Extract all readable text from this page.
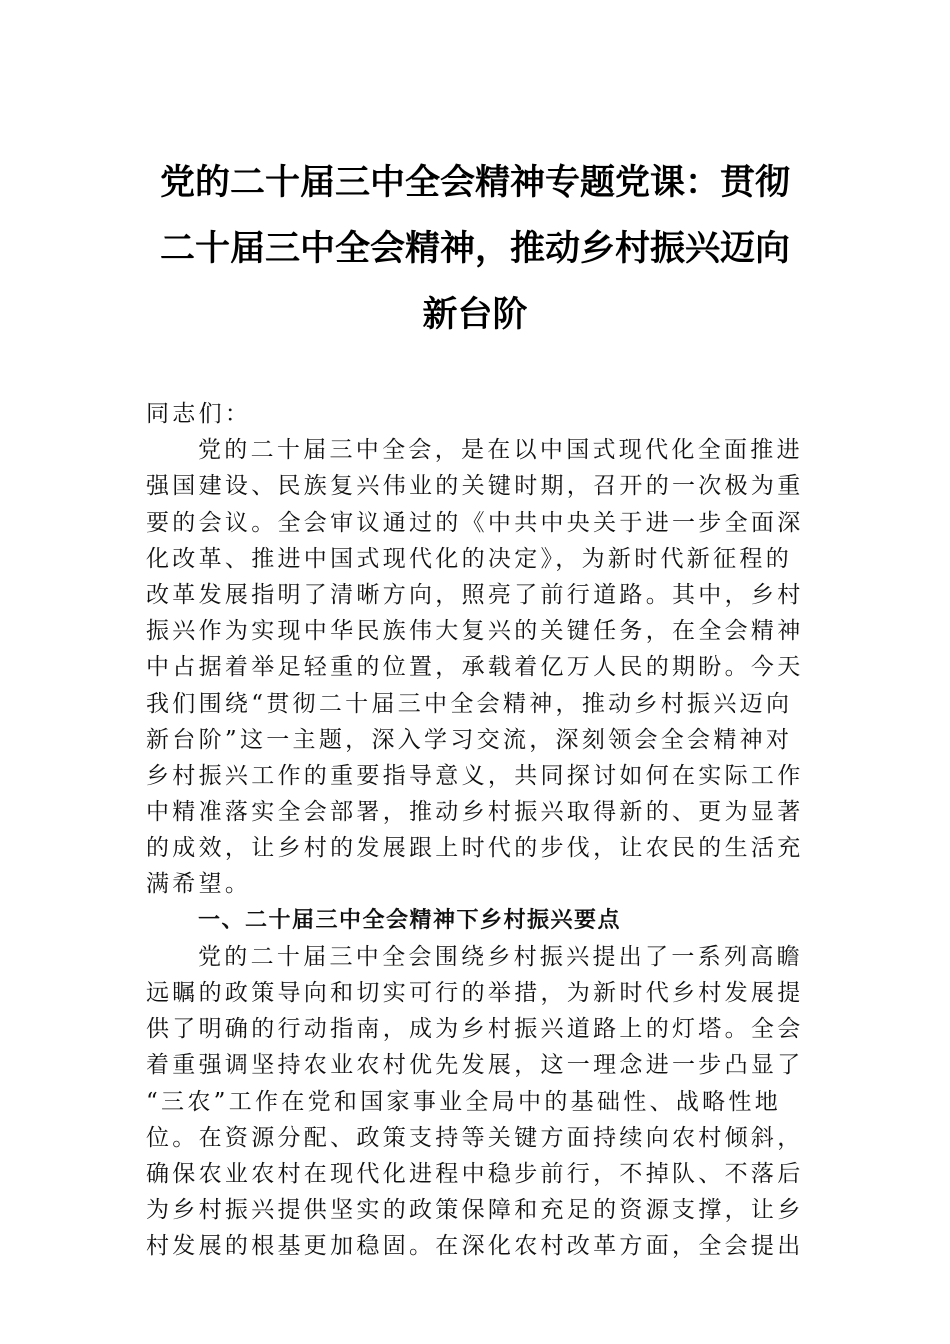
党的二十届三中全会精神专题党课：贯彻
二十届三中全会精神，推动乡村振兴迈向
新台阶
同志们：
党的二十届三中全会，是在以中国式现代化全面推进
强国建设、民族复兴伟业的关键时期，召开的一次极为重
要的会议。全会审议通过的《中共中央关于进一步全面深
化改革、推进中国式现代化的决定》，为新时代新征程的
改革发展指明了清晰方向，照亮了前行道路。其中，乡村
振兴作为实现中华民族伟大复兴的关键任务，在全会精神
中占据着举足轻重的位置，承载着亿万人民的期盼。今天
我们围绕“贯彻二十届三中全会精神，推动乡村振兴迈向
新台阶”这一主题，深入学习交流，深刻领会全会精神对
乡村振兴工作的重要指导意义，共同探讨如何在实际工作
中精准落实全会部署，推动乡村振兴取得新的、更为显著
的成效，让乡村的发展跟上时代的步伐，让农民的生活充
满希望。
一、二十届三中全会精神下乡村振兴要点
党的二十届三中全会围绕乡村振兴提出了一系列高瞻
远瞩的政策导向和切实可行的举措，为新时代乡村发展提
供了明确的行动指南，成为乡村振兴道路上的灯塔。全会
着重强调坚持农业农村优先发展，这一理念进一步凸显了
“三农”工作在党和国家事业全局中的基础性、战略性地
位。在资源分配、政策支持等关键方面持续向农村倾斜，
确保农业农村在现代化进程中稳步前行，不掉队、不落后
为乡村振兴提供坚实的政策保障和充足的资源支撑，让乡
村发展的根基更加稳固。在深化农村改革方面，全会提出
